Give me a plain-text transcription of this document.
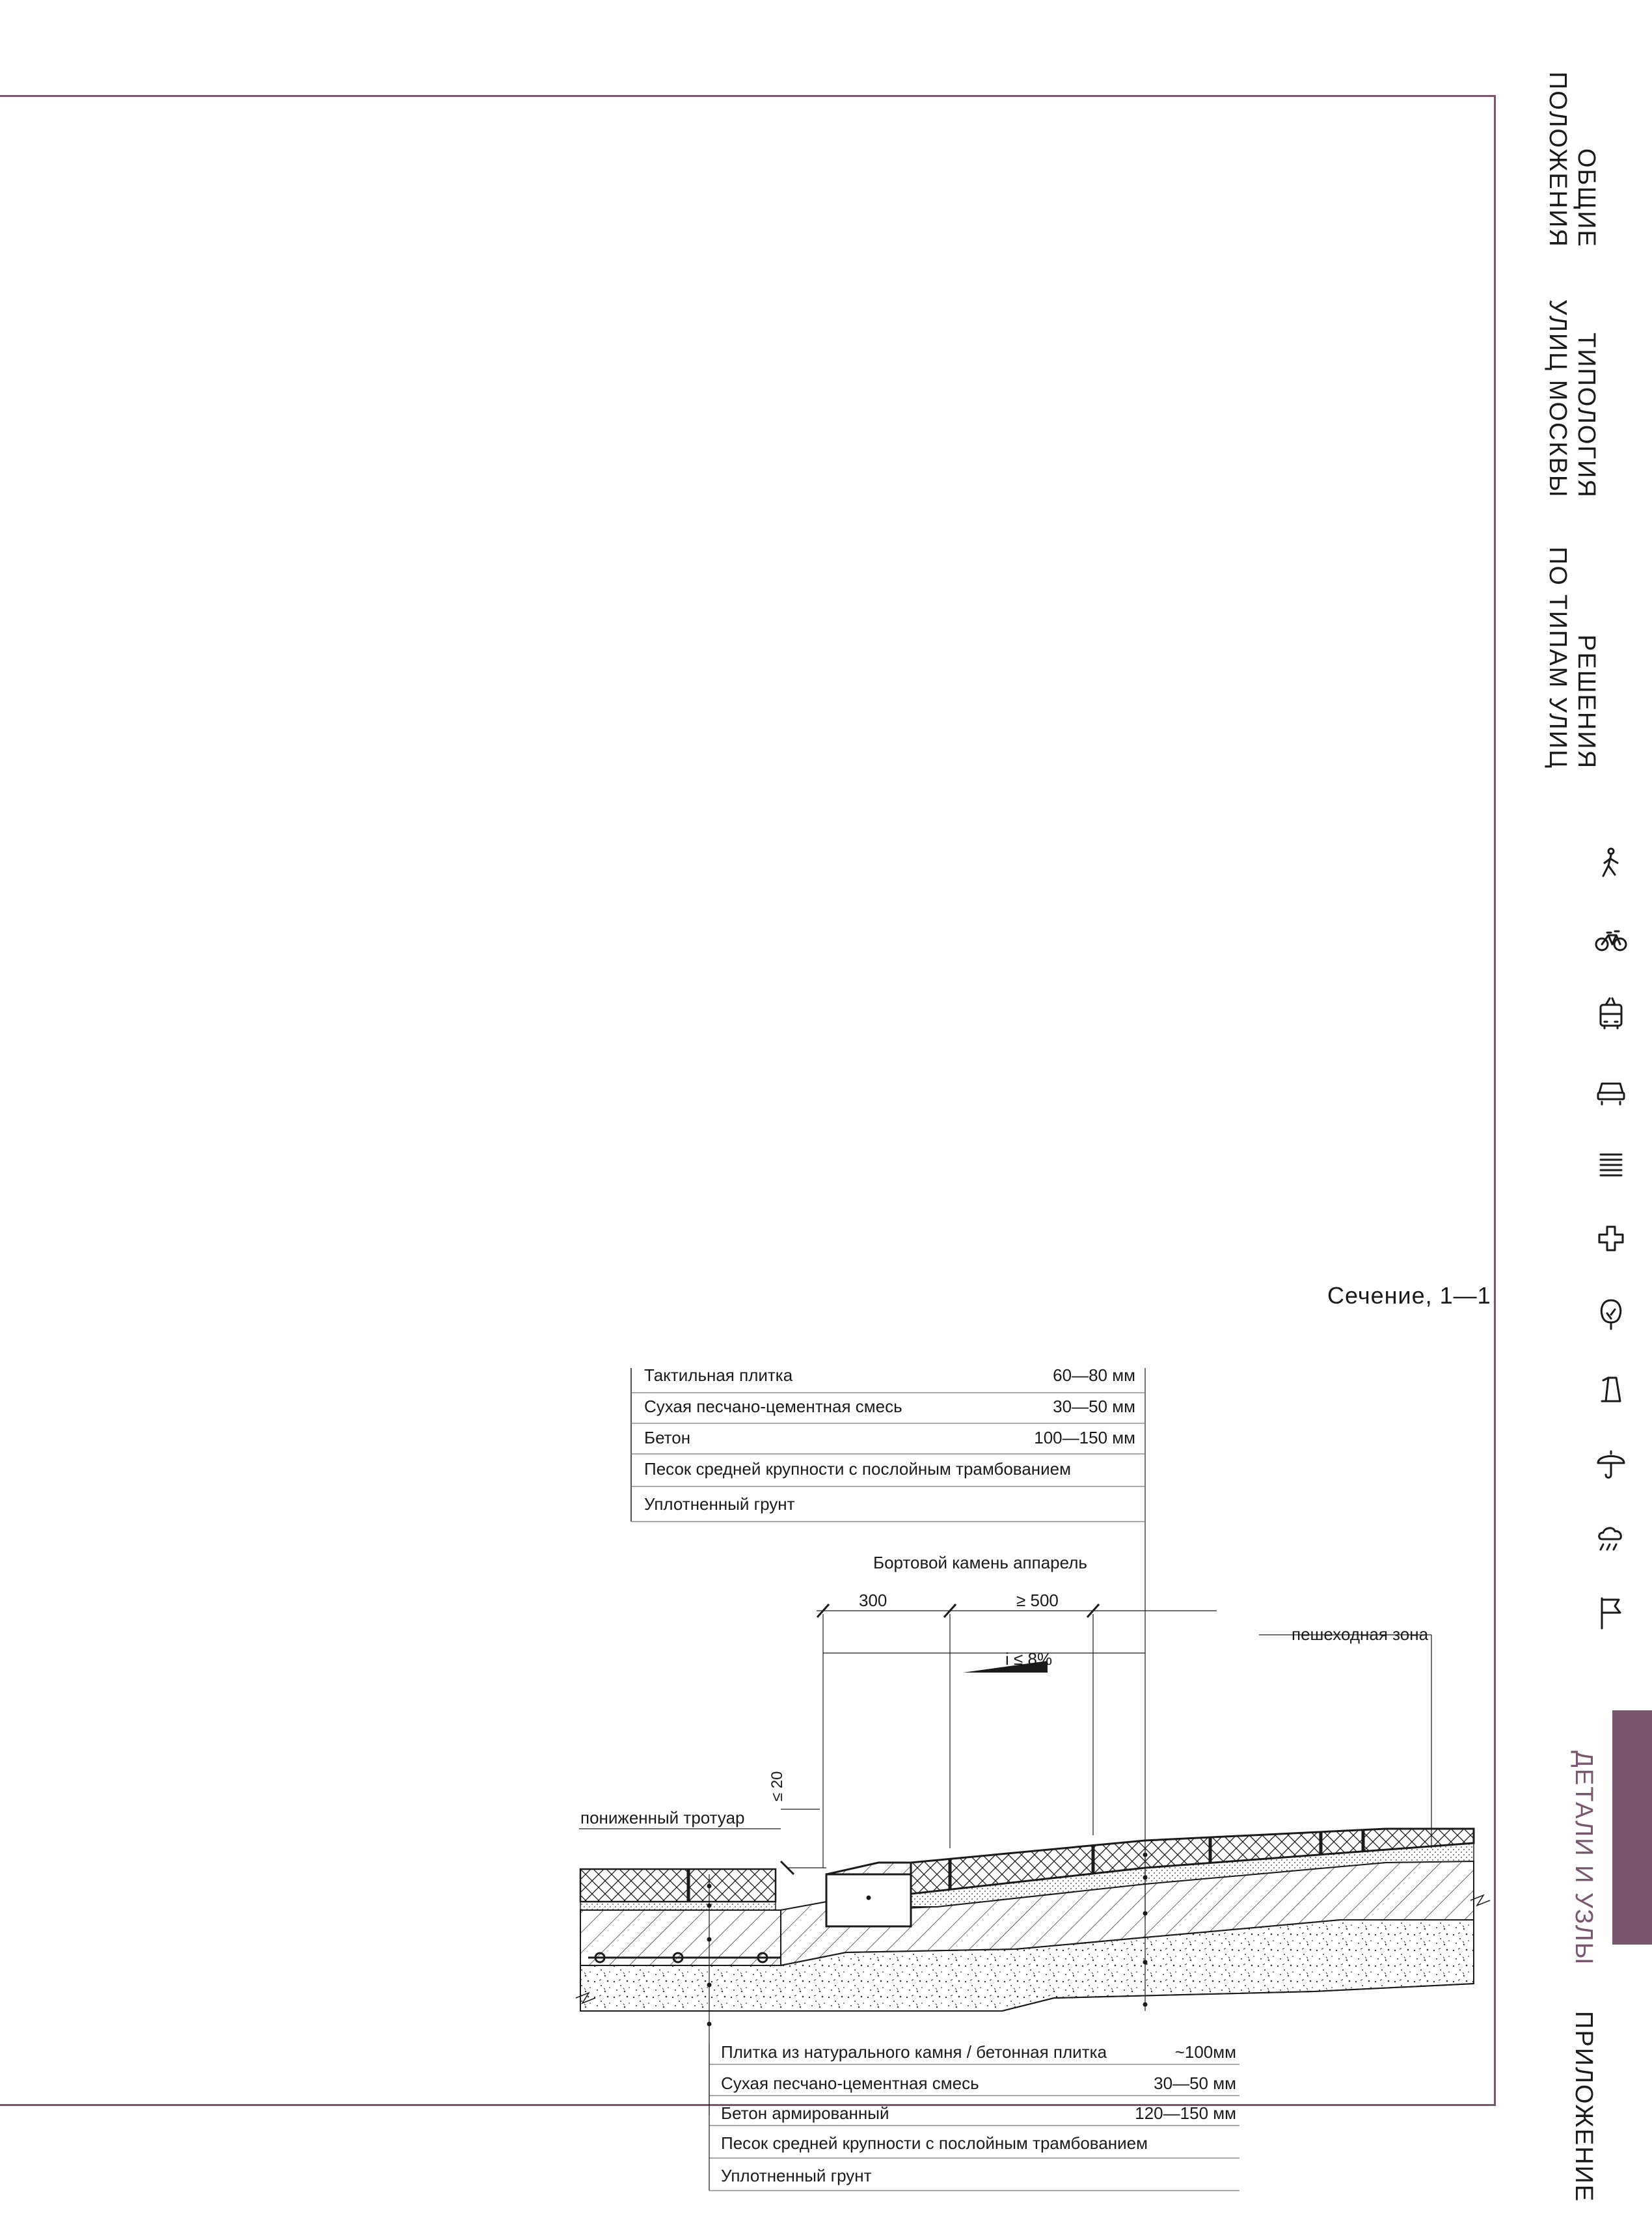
Сечение, 1—1
Тактильная плитка	60—80 мм
Сухая песчано-цементная смесь	30—50 мм
Бетон	100—150 мм
Песок средней крупности с послойным трамбованием
Уплотненный грунт
Бортовой камень аппарель
300	≥ 500
i ≤ 8%
≤ 20
пониженный тротуар
пешеходная зона
Плитка из натурального камня / бетонная плитка	~100мм
Сухая песчано-цементная смесь	30—50 мм
Бетон армированный	120—150 мм
Песок средней крупности с послойным трамбованием
Уплотненный грунт
ОБЩИЕ
ПОЛОЖЕНИЯ
ТИПОЛОГИЯ
УЛИЦ МОСКВЫ
РЕШЕНИЯ
ПО ТИПАМ УЛИЦ
ДЕТАЛИ И УЗЛЫ
ПРИЛОЖЕНИЕ
